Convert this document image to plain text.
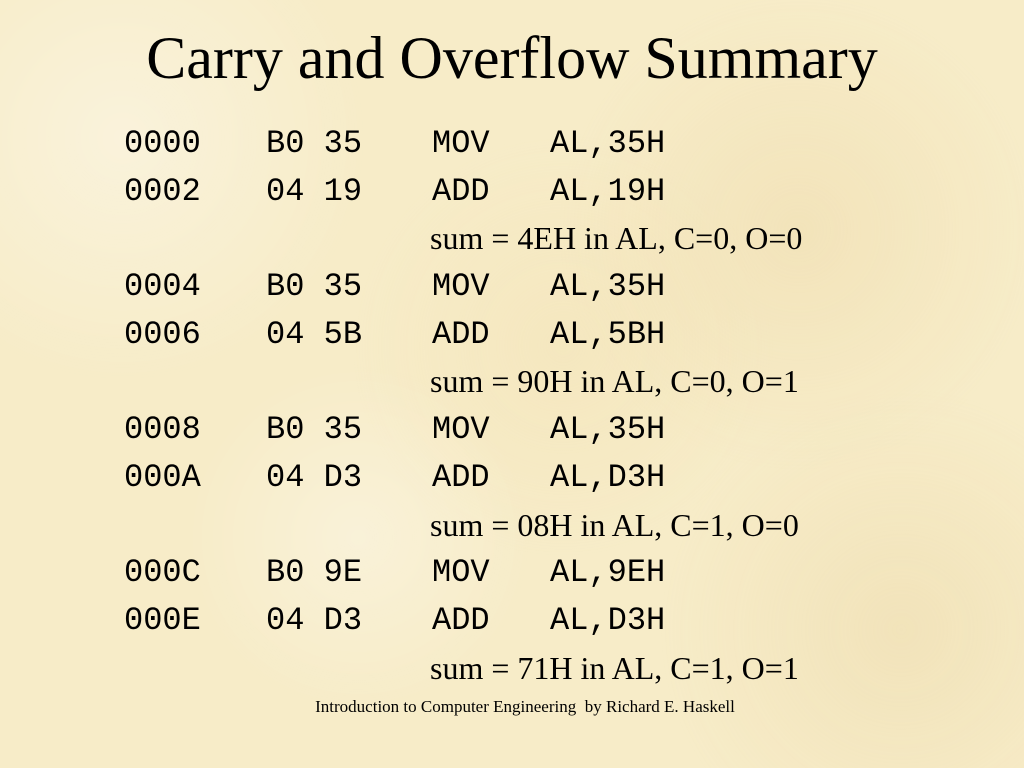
Carry and Overflow Summary

0000

B0 35

MOV

AL,35H

0002

04 19

ADD

AL,19H

sum = 4EH in AL, C=0, O=0

0004

B0 35

MOV

AL,35H

0006

04 5B

ADD

AL,5BH

sum = 90H in AL, C=0, O=1

0008

B0 35

MOV

AL,35H

000A

04 D3

ADD

AL,D3H

sum = 08H in AL, C=1, O=0

000C

B0 9E

MOV

AL,9EH

000E

04 D3

ADD

AL,D3H

sum = 71H in AL, C=1, O=1
Introduction to Computer Engineering  by Richard E. Haskell
